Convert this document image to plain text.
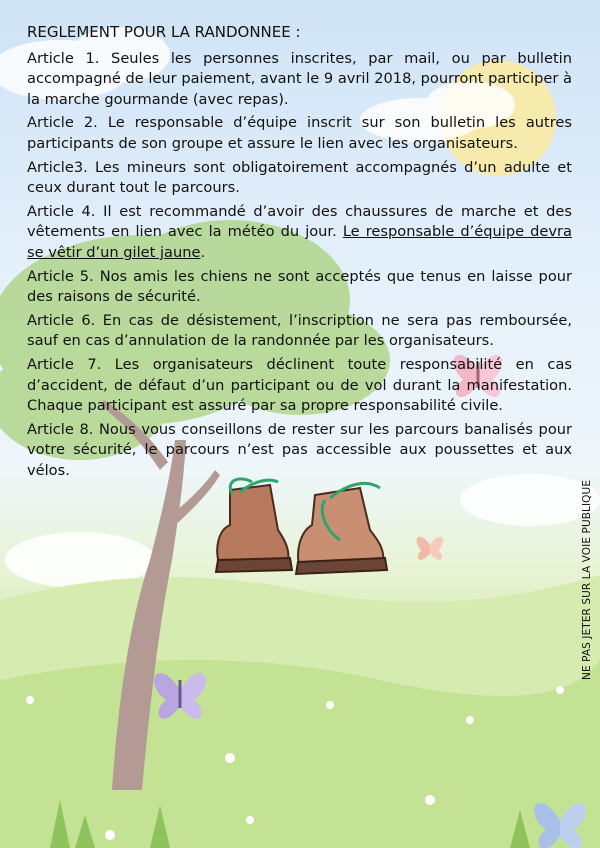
REGLEMENT POUR LA RANDONNEE :

Article 1. Seules les personnes inscrites, par mail, ou par bulletin accompagné de leur paiement, avant le 9 avril 2018, pourront participer à la marche gourmande (avec repas).

Article 2. Le responsable d’équipe inscrit sur son bulletin les autres participants de son groupe et assure le lien avec les organisateurs.

Article3. Les mineurs sont obligatoirement accompagnés d’un adulte et ceux durant tout le parcours.

Article 4. Il est recommandé d’avoir des chaussures de marche et des vêtements en lien avec la météo du jour. Le responsable d’équipe devra se vêtir d’un gilet jaune.

Article 5. Nos amis les chiens ne sont acceptés que tenus en laisse pour des raisons de sécurité.

Article 6. En cas de désistement, l’inscription ne sera pas remboursée, sauf en cas d’annulation de la randonnée par les organisateurs.

Article 7. Les organisateurs déclinent toute responsabilité en cas d’accident, de défaut d’un participant ou de vol durant la manifestation. Chaque participant est assuré par sa propre responsabilité civile.

Article 8. Nous vous conseillons de rester sur les parcours banalisés pour votre sécurité, le parcours n’est pas accessible aux poussettes et aux vélos.

NE PAS JETER SUR LA VOIE PUBLIQUE
